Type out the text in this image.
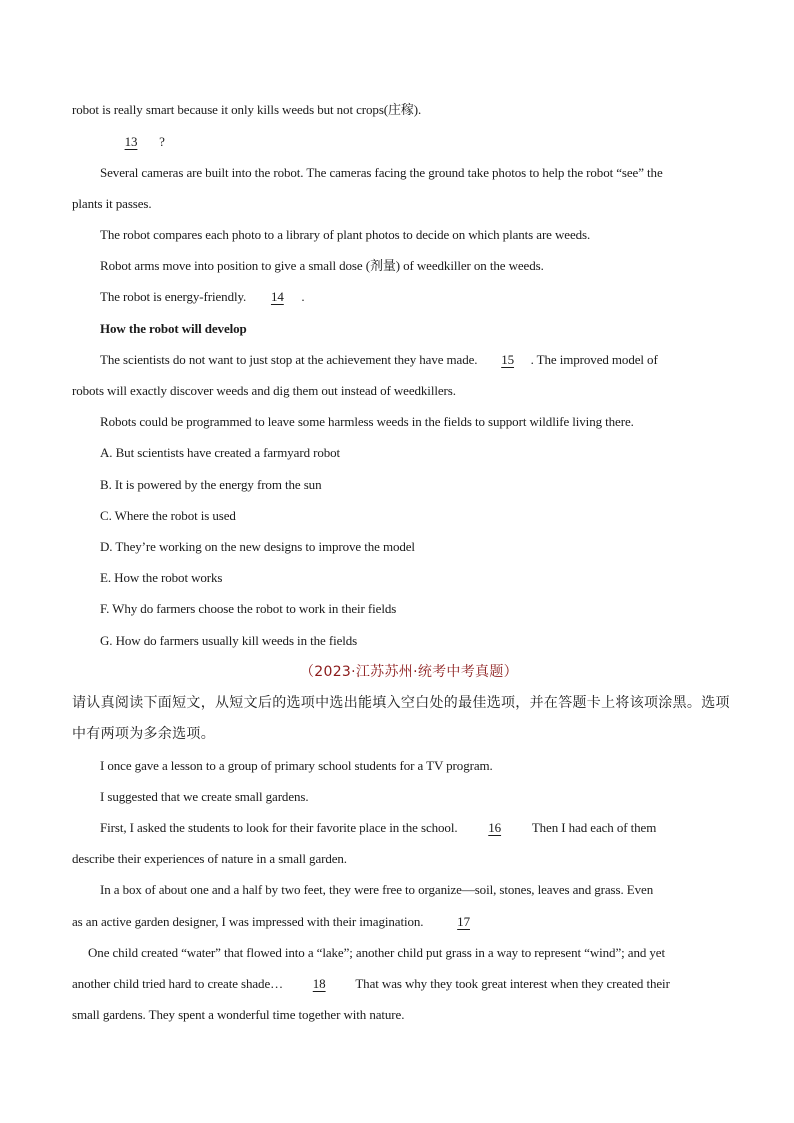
robot is really smart because it only kills weeds but not crops(庄稼).
13 ?
Several cameras are built into the robot. The cameras facing the ground take photos to help the robot “see” the
plants it passes.
The robot compares each photo to a library of plant photos to decide on which plants are weeds.
Robot arms move into position to give a small dose (剂量) of weedkiller on the weeds.
The robot is energy-friendly. 14 .
How the robot will develop
The scientists do not want to just stop at the achievement they have made. 15 . The improved model of
robots will exactly discover weeds and dig them out instead of weedkillers.
Robots could be programmed to leave some harmless weeds in the fields to support wildlife living there.
A. But scientists have created a farmyard robot
B. It is powered by the energy from the sun
C. Where the robot is used
D. They’re working on the new designs to improve the model
E. How the robot works
F. Why do farmers choose the robot to work in their fields
G. How do farmers usually kill weeds in the fields
（2023·江苏苏州·统考中考真题）
请认真阅读下面短文，从短文后的选项中选出能填入空白处的最佳选项，并在答题卡上将该项涂黑。选项
中有两项为多余选项。
I once gave a lesson to a group of primary school students for a TV program.
I suggested that we create small gardens.
First, I asked the students to look for their favorite place in the school. 16 Then I had each of them
describe their experiences of nature in a small garden.
In a box of about one and a half by two feet, they were free to organize—soil, stones, leaves and grass. Even
as an active garden designer, I was impressed with their imagination.	17
One child created “water” that flowed into a “lake”; another child put grass in a way to represent “wind”; and yet
another child tried hard to create shade… 18 That was why they took great interest when they created their
small gardens. They spent a wonderful time together with nature.
